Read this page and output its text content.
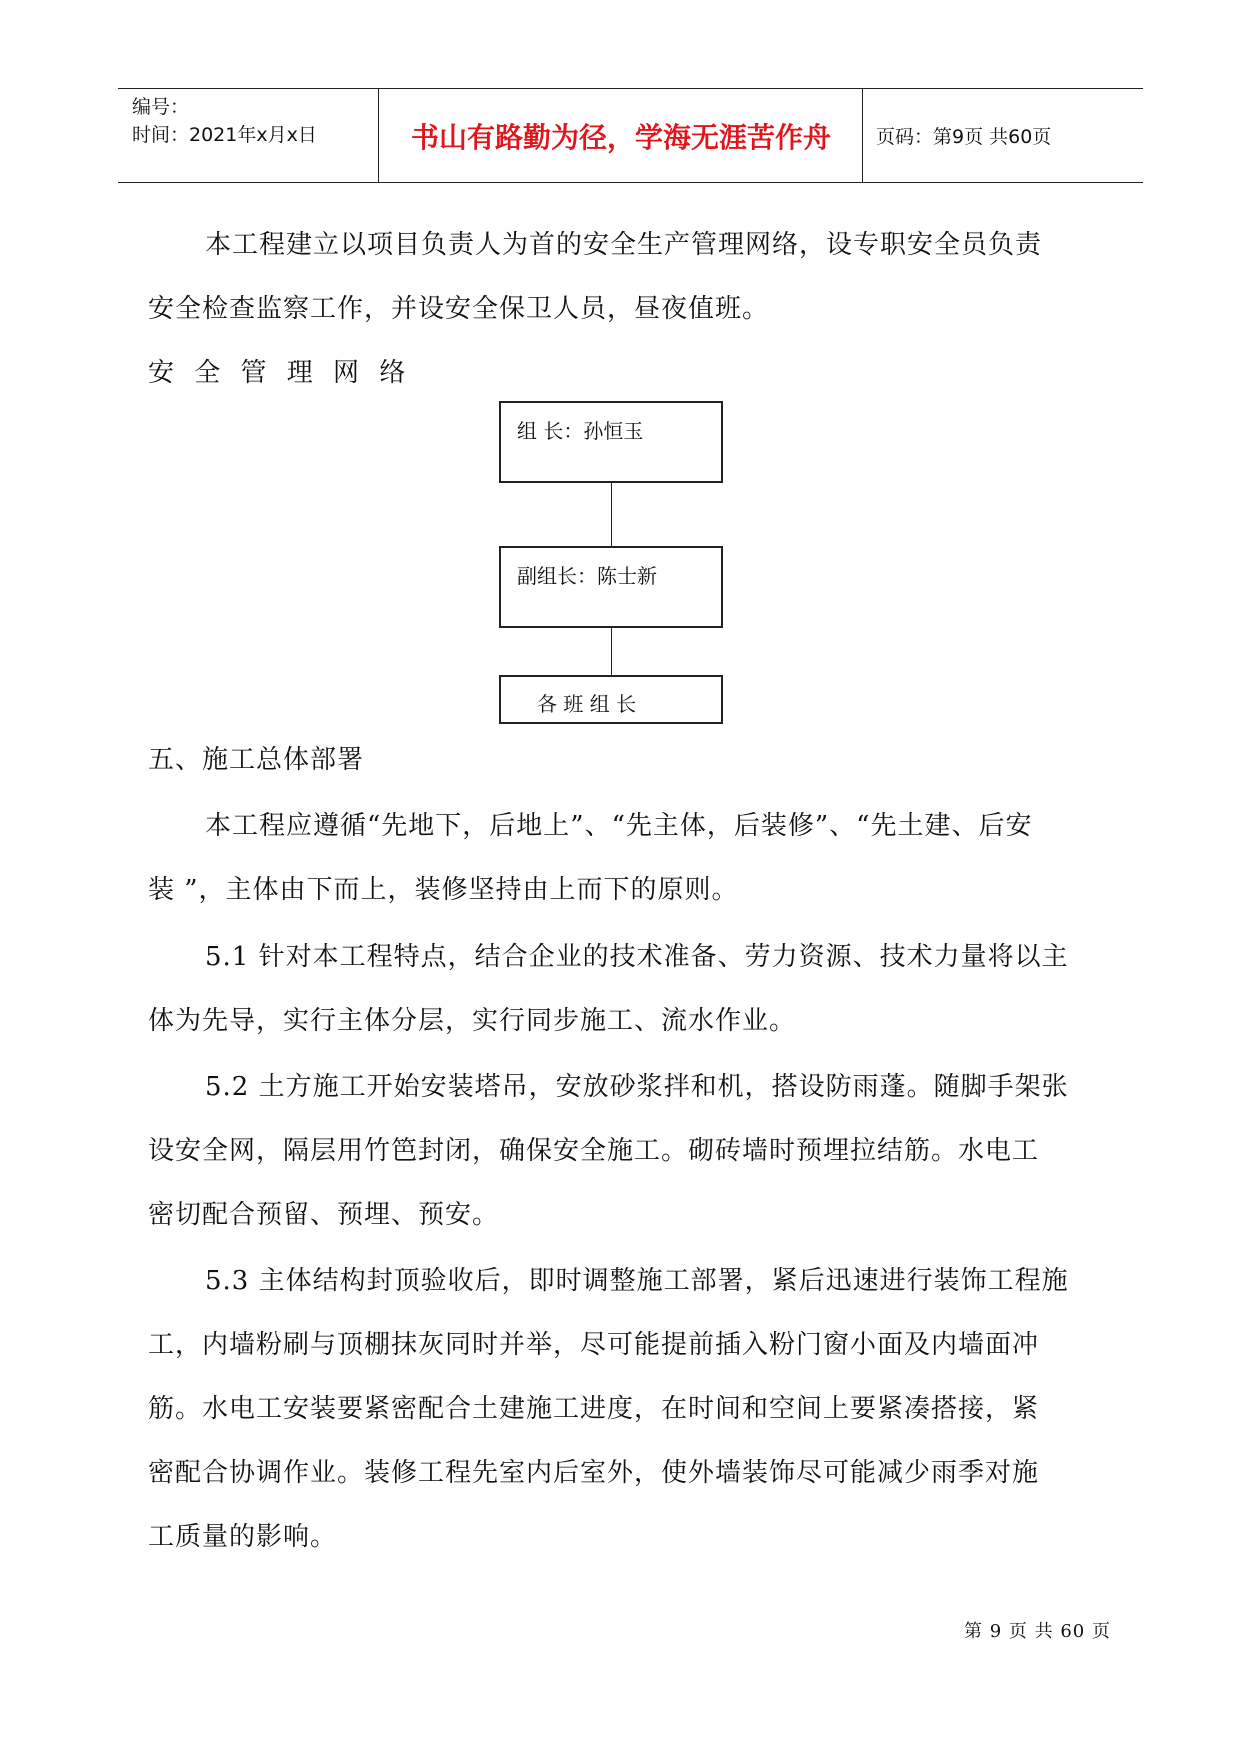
编号：
时间：2021年x月x日	书山有路勤为径，学海无涯苦作舟	页码：第9页 共60页
本工程建立以项目负责人为首的安全生产管理网络，设专职安全员负责
安全检查监察工作，并设安全保卫人员，昼夜值班。
安 全 管 理 网 络
组 长：孙恒玉
副组长：陈士新
各 班 组 长
五、施工总体部署
本工程应遵循“先地下，后地上”、“先主体，后装修”、“先土建、后安
装 ”，主体由下而上，装修坚持由上而下的原则。
5.1 针对本工程特点，结合企业的技术准备、劳力资源、技术力量将以主
体为先导，实行主体分层，实行同步施工、流水作业。
5.2 土方施工开始安装塔吊，安放砂浆拌和机，搭设防雨蓬。随脚手架张
设安全网，隔层用竹笆封闭，确保安全施工。砌砖墙时预埋拉结筋。水电工
密切配合预留、预埋、预安。
5.3 主体结构封顶验收后，即时调整施工部署，紧后迅速进行装饰工程施
工，内墙粉刷与顶棚抹灰同时并举，尽可能提前插入粉门窗小面及内墙面冲
筋。水电工安装要紧密配合土建施工进度，在时间和空间上要紧凑搭接，紧
密配合协调作业。装修工程先室内后室外，使外墙装饰尽可能减少雨季对施
工质量的影响。
第 9 页 共 60 页
